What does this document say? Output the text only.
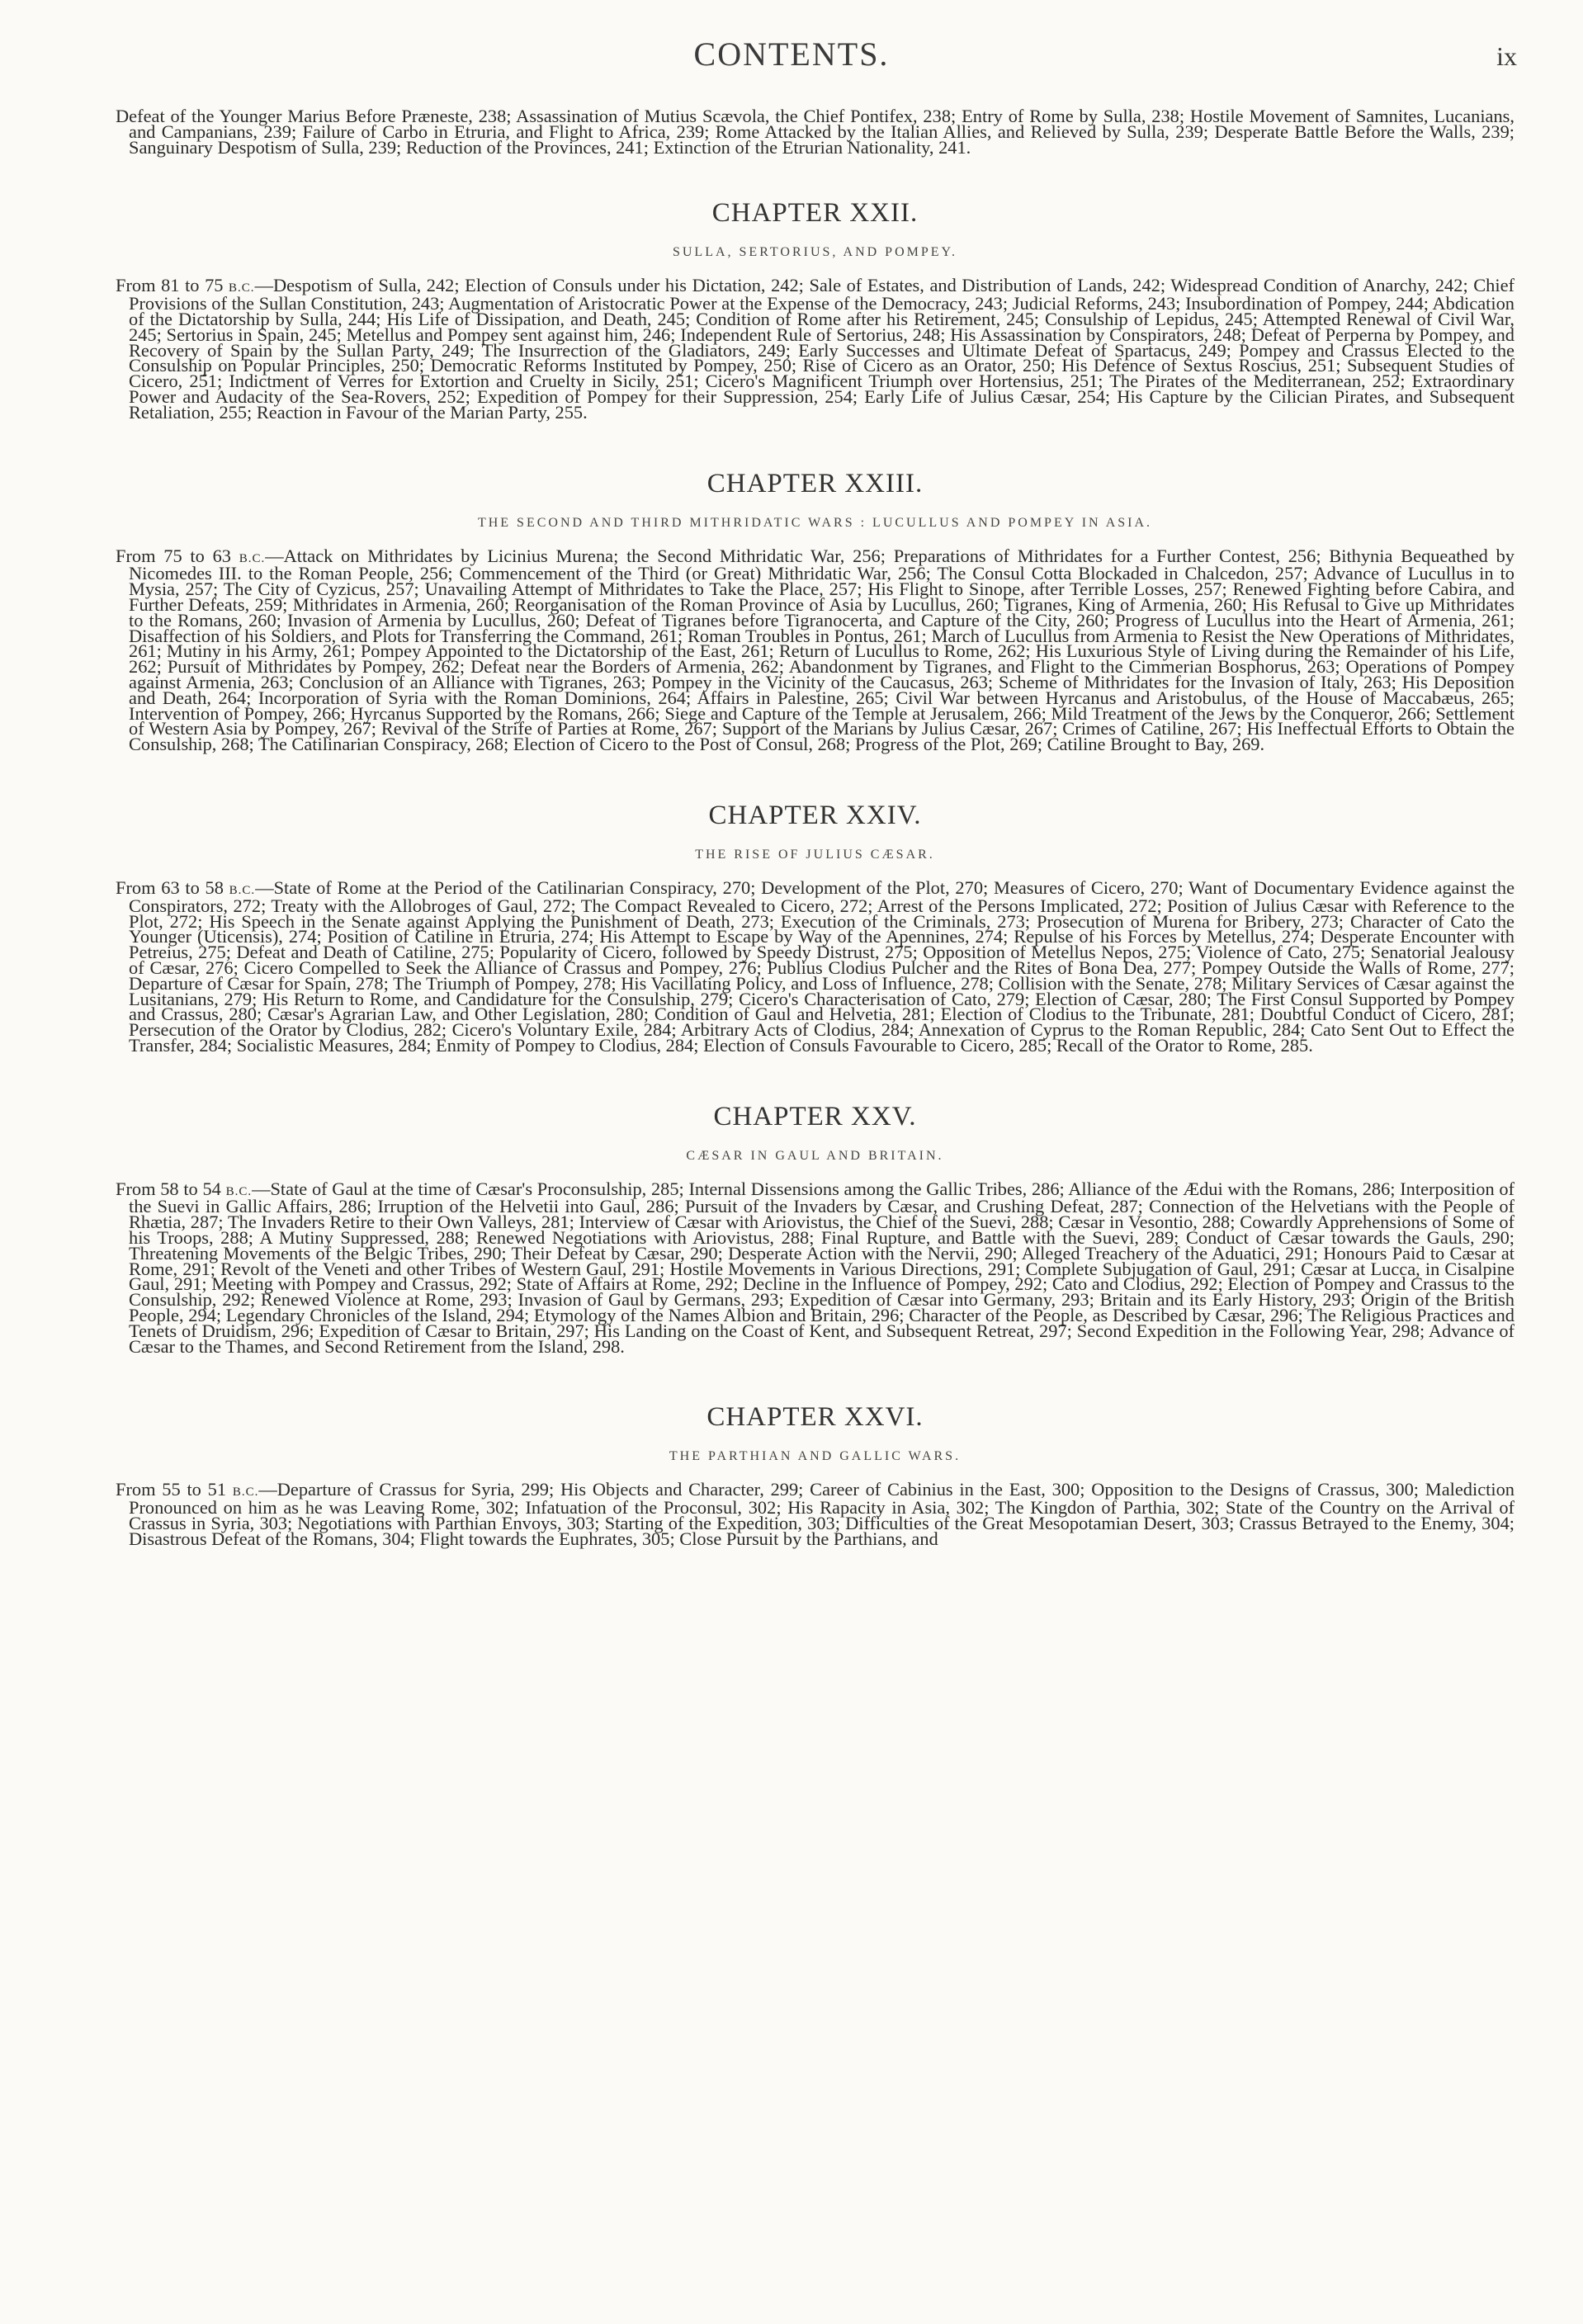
CONTENTS.	ix

Defeat of the Younger Marius Before Præneste, 238; Assassination of Mutius Scævola, the Chief Pontifex, 238; Entry of Rome by Sulla, 238; Hostile Movement of Samnites, Lucanians, and Campanians, 239; Failure of Carbo in Etruria, and Flight to Africa, 239; Rome Attacked by the Italian Allies, and Relieved by Sulla, 239; Desperate Battle Before the Walls, 239; Sanguinary Despotism of Sulla, 239; Reduction of the Provinces, 241; Extinction of the Etrurian Nationality, 241.

CHAPTER XXII.
SULLA, SERTORIUS, AND POMPEY.

From 81 to 75 B.C.—Despotism of Sulla, 242; Election of Consuls under his Dictation, 242; Sale of Estates, and Distribution of Lands, 242; Widespread Condition of Anarchy, 242; Chief Provisions of the Sullan Constitution, 243; Augmentation of Aristocratic Power at the Expense of the Democracy, 243; Judicial Reforms, 243; Insubordination of Pompey, 244; Abdication of the Dictatorship by Sulla, 244; His Life of Dissipation, and Death, 245; Condition of Rome after his Retirement, 245; Consulship of Lepidus, 245; Attempted Renewal of Civil War, 245; Sertorius in Spain, 245; Metellus and Pompey sent against him, 246; Independent Rule of Sertorius, 248; His Assassination by Conspirators, 248; Defeat of Perperna by Pompey, and Recovery of Spain by the Sullan Party, 249; The Insurrection of the Gladiators, 249; Early Successes and Ultimate Defeat of Spartacus, 249; Pompey and Crassus Elected to the Consulship on Popular Principles, 250; Democratic Reforms Instituted by Pompey, 250; Rise of Cicero as an Orator, 250; His Defence of Sextus Roscius, 251; Subsequent Studies of Cicero, 251; Indictment of Verres for Extortion and Cruelty in Sicily, 251; Cicero's Magnificent Triumph over Hortensius, 251; The Pirates of the Mediterranean, 252; Extraordinary Power and Audacity of the Sea-Rovers, 252; Expedition of Pompey for their Suppression, 254; Early Life of Julius Cæsar, 254; His Capture by the Cilician Pirates, and Subsequent Retaliation, 255; Reaction in Favour of the Marian Party, 255.

CHAPTER XXIII.
THE SECOND AND THIRD MITHRIDATIC WARS : LUCULLUS AND POMPEY IN ASIA.

From 75 to 63 B.C.—Attack on Mithridates by Licinius Murena; the Second Mithridatic War, 256; Preparations of Mithridates for a Further Contest, 256; Bithynia Bequeathed by Nicomedes III. to the Roman People, 256; Commencement of the Third (or Great) Mithridatic War, 256; The Consul Cotta Blockaded in Chalcedon, 257; Advance of Lucullus in to Mysia, 257; The City of Cyzicus, 257; Unavailing Attempt of Mithridates to Take the Place, 257; His Flight to Sinope, after Terrible Losses, 257; Renewed Fighting before Cabira, and Further Defeats, 259; Mithridates in Armenia, 260; Reorganisation of the Roman Province of Asia by Lucullus, 260; Tigranes, King of Armenia, 260; His Refusal to Give up Mithridates to the Romans, 260; Invasion of Armenia by Lucullus, 260; Defeat of Tigranes before Tigranocerta, and Capture of the City, 260; Progress of Lucullus into the Heart of Armenia, 261; Disaffection of his Soldiers, and Plots for Transferring the Command, 261; Roman Troubles in Pontus, 261; March of Lucullus from Armenia to Resist the New Operations of Mithridates, 261; Mutiny in his Army, 261; Pompey Appointed to the Dictatorship of the East, 261; Return of Lucullus to Rome, 262; His Luxurious Style of Living during the Remainder of his Life, 262; Pursuit of Mithridates by Pompey, 262; Defeat near the Borders of Armenia, 262; Abandonment by Tigranes, and Flight to the Cimmerian Bosphorus, 263; Operations of Pompey against Armenia, 263; Conclusion of an Alliance with Tigranes, 263; Pompey in the Vicinity of the Caucasus, 263; Scheme of Mithridates for the Invasion of Italy, 263; His Deposition and Death, 264; Incorporation of Syria with the Roman Dominions, 264; Affairs in Palestine, 265; Civil War between Hyrcanus and Aristobulus, of the House of Maccabæus, 265; Intervention of Pompey, 266; Hyrcanus Supported by the Romans, 266; Siege and Capture of the Temple at Jerusalem, 266; Mild Treatment of the Jews by the Conqueror, 266; Settlement of Western Asia by Pompey, 267; Revival of the Strife of Parties at Rome, 267; Support of the Marians by Julius Cæsar, 267; Crimes of Catiline, 267; His Ineffectual Efforts to Obtain the Consulship, 268; The Catilinarian Conspiracy, 268; Election of Cicero to the Post of Consul, 268; Progress of the Plot, 269; Catiline Brought to Bay, 269.

CHAPTER XXIV.
THE RISE OF JULIUS CÆSAR.

From 63 to 58 B.C.—State of Rome at the Period of the Catilinarian Conspiracy, 270; Development of the Plot, 270; Measures of Cicero, 270; Want of Documentary Evidence against the Conspirators, 272; Treaty with the Allobroges of Gaul, 272; The Compact Revealed to Cicero, 272; Arrest of the Persons Implicated, 272; Position of Julius Cæsar with Reference to the Plot, 272; His Speech in the Senate against Applying the Punishment of Death, 273; Execution of the Criminals, 273; Prosecution of Murena for Bribery, 273; Character of Cato the Younger (Uticensis), 274; Position of Catiline in Etruria, 274; His Attempt to Escape by Way of the Apennines, 274; Repulse of his Forces by Metellus, 274; Desperate Encounter with Petreius, 275; Defeat and Death of Catiline, 275; Popularity of Cicero, followed by Speedy Distrust, 275; Opposition of Metellus Nepos, 275; Violence of Cato, 275; Senatorial Jealousy of Cæsar, 276; Cicero Compelled to Seek the Alliance of Crassus and Pompey, 276; Publius Clodius Pulcher and the Rites of Bona Dea, 277; Pompey Outside the Walls of Rome, 277; Departure of Cæsar for Spain, 278; The Triumph of Pompey, 278; His Vacillating Policy, and Loss of Influence, 278; Collision with the Senate, 278; Military Services of Cæsar against the Lusitanians, 279; His Return to Rome, and Candidature for the Consulship, 279; Cicero's Characterisation of Cato, 279; Election of Cæsar, 280; The First Consul Supported by Pompey and Crassus, 280; Cæsar's Agrarian Law, and Other Legislation, 280; Condition of Gaul and Helvetia, 281; Election of Clodius to the Tribunate, 281; Doubtful Conduct of Cicero, 281; Persecution of the Orator by Clodius, 282; Cicero's Voluntary Exile, 284; Arbitrary Acts of Clodius, 284; Annexation of Cyprus to the Roman Republic, 284; Cato Sent Out to Effect the Transfer, 284; Socialistic Measures, 284; Enmity of Pompey to Clodius, 284; Election of Consuls Favourable to Cicero, 285; Recall of the Orator to Rome, 285.

CHAPTER XXV.
CÆSAR IN GAUL AND BRITAIN.

From 58 to 54 B.C.—State of Gaul at the time of Cæsar's Proconsulship, 285; Internal Dissensions among the Gallic Tribes, 286; Alliance of the Ædui with the Romans, 286; Interposition of the Suevi in Gallic Affairs, 286; Irruption of the Helvetii into Gaul, 286; Pursuit of the Invaders by Cæsar, and Crushing Defeat, 287; Connection of the Helvetians with the People of Rhætia, 287; The Invaders Retire to their Own Valleys, 281; Interview of Cæsar with Ariovistus, the Chief of the Suevi, 288; Cæsar in Vesontio, 288; Cowardly Apprehensions of Some of his Troops, 288; A Mutiny Suppressed, 288; Renewed Negotiations with Ariovistus, 288; Final Rupture, and Battle with the Suevi, 289; Conduct of Cæsar towards the Gauls, 290; Threatening Movements of the Belgic Tribes, 290; Their Defeat by Cæsar, 290; Desperate Action with the Nervii, 290; Alleged Treachery of the Aduatici, 291; Honours Paid to Cæsar at Rome, 291; Revolt of the Veneti and other Tribes of Western Gaul, 291; Hostile Movements in Various Directions, 291; Complete Subjugation of Gaul, 291; Cæsar at Lucca, in Cisalpine Gaul, 291; Meeting with Pompey and Crassus, 292; State of Affairs at Rome, 292; Decline in the Influence of Pompey, 292; Cato and Clodius, 292; Election of Pompey and Crassus to the Consulship, 292; Renewed Violence at Rome, 293; Invasion of Gaul by Germans, 293; Expedition of Cæsar into Germany, 293; Britain and its Early History, 293; Origin of the British People, 294; Legendary Chronicles of the Island, 294; Etymology of the Names Albion and Britain, 296; Character of the People, as Described by Cæsar, 296; The Religious Practices and Tenets of Druidism, 296; Expedition of Cæsar to Britain, 297; His Landing on the Coast of Kent, and Subsequent Retreat, 297; Second Expedition in the Following Year, 298; Advance of Cæsar to the Thames, and Second Retirement from the Island, 298.

CHAPTER XXVI.
THE PARTHIAN AND GALLIC WARS.

From 55 to 51 B.C.—Departure of Crassus for Syria, 299; His Objects and Character, 299; Career of Cabinius in the East, 300; Opposition to the Designs of Crassus, 300; Malediction Pronounced on him as he was Leaving Rome, 302; Infatuation of the Proconsul, 302; His Rapacity in Asia, 302; The Kingdon of Parthia, 302; State of the Country on the Arrival of Crassus in Syria, 303; Negotiations with Parthian Envoys, 303; Starting of the Expedition, 303; Difficulties of the Great Mesopotamian Desert, 303; Crassus Betrayed to the Enemy, 304; Disastrous Defeat of the Romans, 304; Flight towards the Euphrates, 305; Close Pursuit by the Parthians, and
